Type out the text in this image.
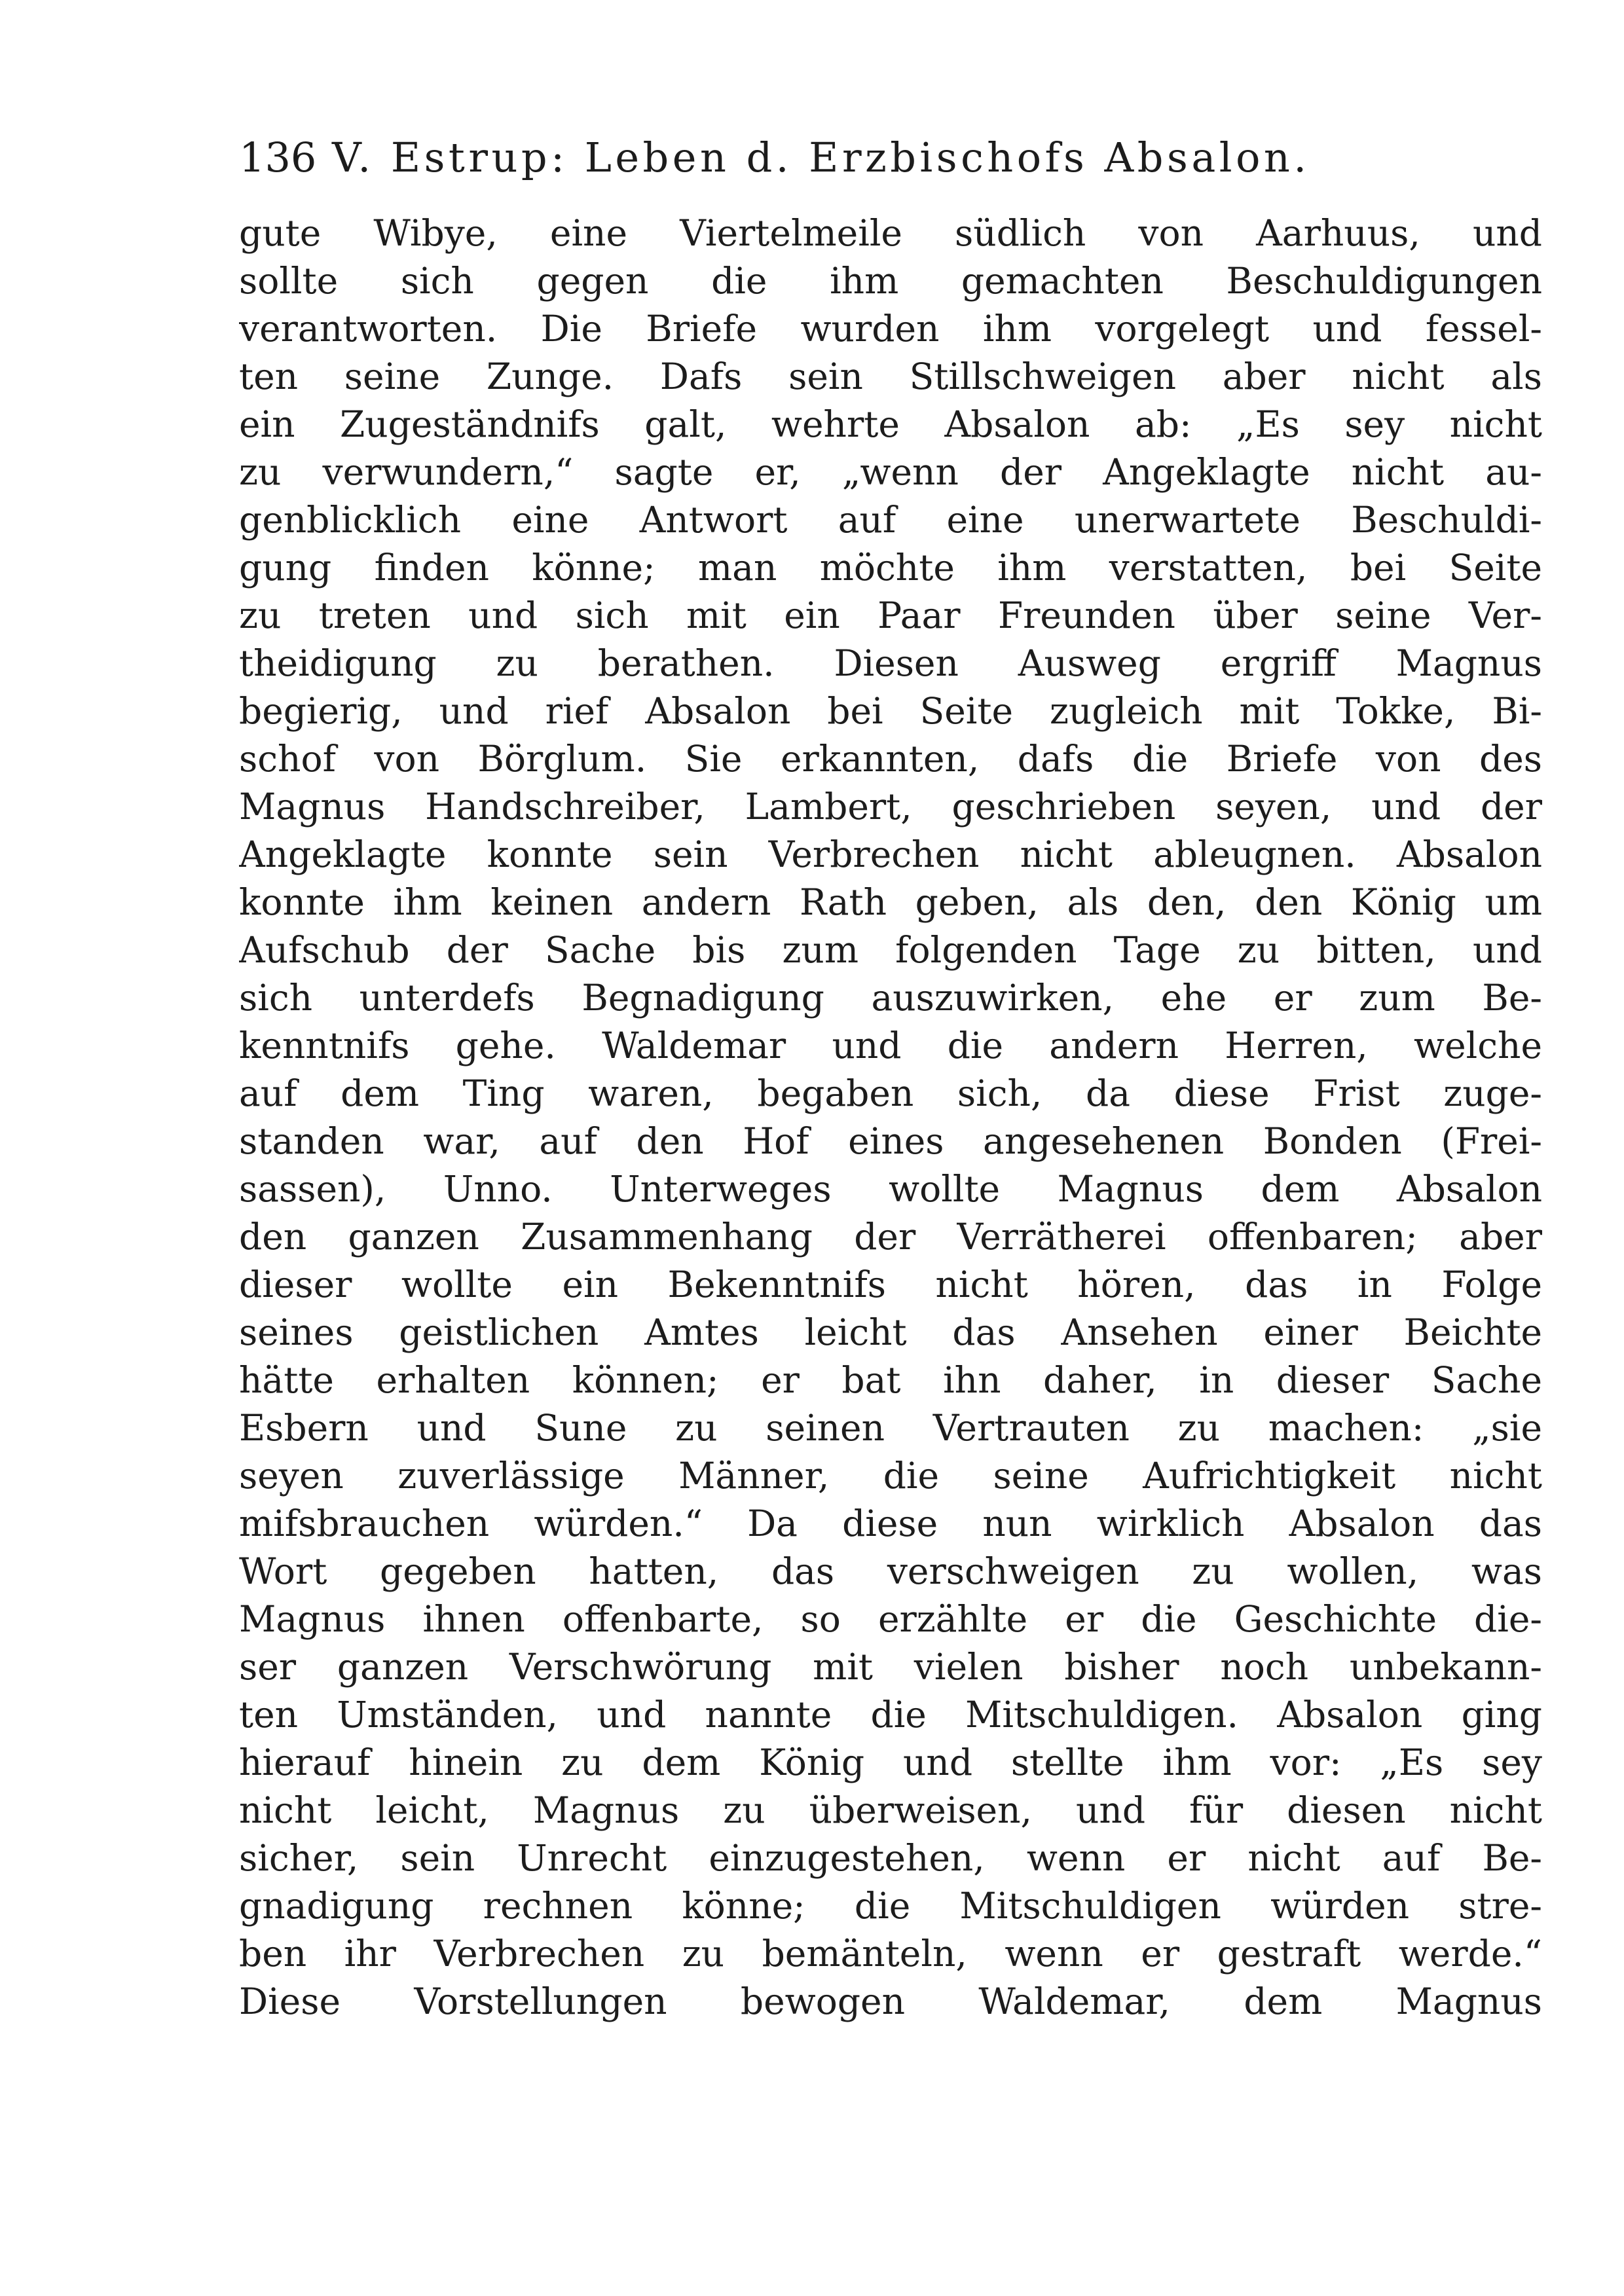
136 V. Estrup: Leben d. Erzbischofs Absalon.
gute Wibye, eine Viertelmeile südlich von Aarhuus, und
sollte sich gegen die ihm gemachten Beschuldigungen
verantworten. Die Briefe wurden ihm vorgelegt und fessel-
ten seine Zunge. Dafs sein Stillschweigen aber nicht als
ein Zugeständnifs galt, wehrte Absalon ab: „Es sey nicht
zu verwundern,“ sagte er, „wenn der Angeklagte nicht au-
genblicklich eine Antwort auf eine unerwartete Beschuldi-
gung finden könne; man möchte ihm verstatten, bei Seite
zu treten und sich mit ein Paar Freunden über seine Ver-
theidigung zu berathen. Diesen Ausweg ergriff Magnus
begierig, und rief Absalon bei Seite zugleich mit Tokke, Bi-
schof von Börglum. Sie erkannten, dafs die Briefe von des
Magnus Handschreiber, Lambert, geschrieben seyen, und der
Angeklagte konnte sein Verbrechen nicht ableugnen. Absalon
konnte ihm keinen andern Rath geben, als den, den König um
Aufschub der Sache bis zum folgenden Tage zu bitten, und
sich unterdefs Begnadigung auszuwirken, ehe er zum Be-
kenntnifs gehe. Waldemar und die andern Herren, welche
auf dem Ting waren, begaben sich, da diese Frist zuge-
standen war, auf den Hof eines angesehenen Bonden (Frei-
sassen), Unno. Unterweges wollte Magnus dem Absalon
den ganzen Zusammenhang der Verrätherei offenbaren; aber
dieser wollte ein Bekenntnifs nicht hören, das in Folge
seines geistlichen Amtes leicht das Ansehen einer Beichte
hätte erhalten können; er bat ihn daher, in dieser Sache
Esbern und Sune zu seinen Vertrauten zu machen: „sie
seyen zuverlässige Männer, die seine Aufrichtigkeit nicht
mifsbrauchen würden.“ Da diese nun wirklich Absalon das
Wort gegeben hatten, das verschweigen zu wollen, was
Magnus ihnen offenbarte, so erzählte er die Geschichte die-
ser ganzen Verschwörung mit vielen bisher noch unbekann-
ten Umständen, und nannte die Mitschuldigen. Absalon ging
hierauf hinein zu dem König und stellte ihm vor: „Es sey
nicht leicht, Magnus zu überweisen, und für diesen nicht
sicher, sein Unrecht einzugestehen, wenn er nicht auf Be-
gnadigung rechnen könne; die Mitschuldigen würden stre-
ben ihr Verbrechen zu bemänteln, wenn er gestraft werde.“
Diese Vorstellungen bewogen Waldemar, dem Magnus
